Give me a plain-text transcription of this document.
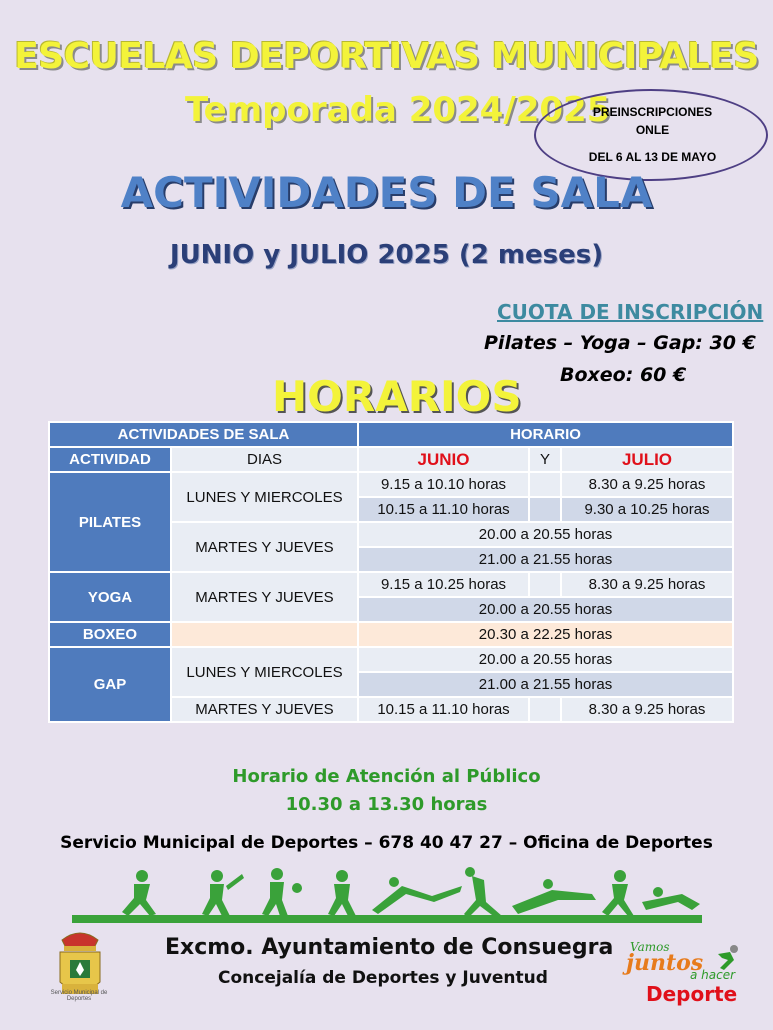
ESCUELAS DEPORTIVAS MUNICIPALES
Temporada 2024/2025
PREINSCRIPCIONES
ONLE
DEL 6 AL 13 DE MAYO
ACTIVIDADES DE SALA
JUNIO y JULIO 2025 (2 meses)
CUOTA DE INSCRIPCIÓN
Pilates – Yoga – Gap: 30 €
Boxeo: 60 €
HORARIOS
ACTIVIDADES DE SALA		HORARIO		
ACTIVIDAD	DIAS	JUNIO	Y	JULIO
PILATES	LUNES Y MIERCOLES	9.15 a 10.10 horas		8.30 a 9.25 horas
		10.15 a 11.10 horas		9.30 a 10.25 horas
	MARTES Y JUEVES	20.00 a 20.55 horas		
		21.00 a 21.55 horas		
YOGA	MARTES Y JUEVES	9.15 a 10.25 horas		8.30 a 9.25 horas
		20.00 a 20.55 horas		
BOXEO		20.30 a 22.25 horas		
GAP	LUNES Y MIERCOLES	20.00 a 20.55 horas		
		21.00 a 21.55 horas		
	MARTES Y JUEVES	10.15 a 11.10 horas		8.30 a 9.25 horas
Horario de Atención al Público
10.30 a 13.30 horas
Servicio Municipal de Deportes – 678 40 47 27 – Oficina de Deportes
Servicio Municipal de Deportes
Excmo. Ayuntamiento de Consuegra
Concejalía de Deportes y Juventud
Vamos
juntos
a hacer
Deporte
